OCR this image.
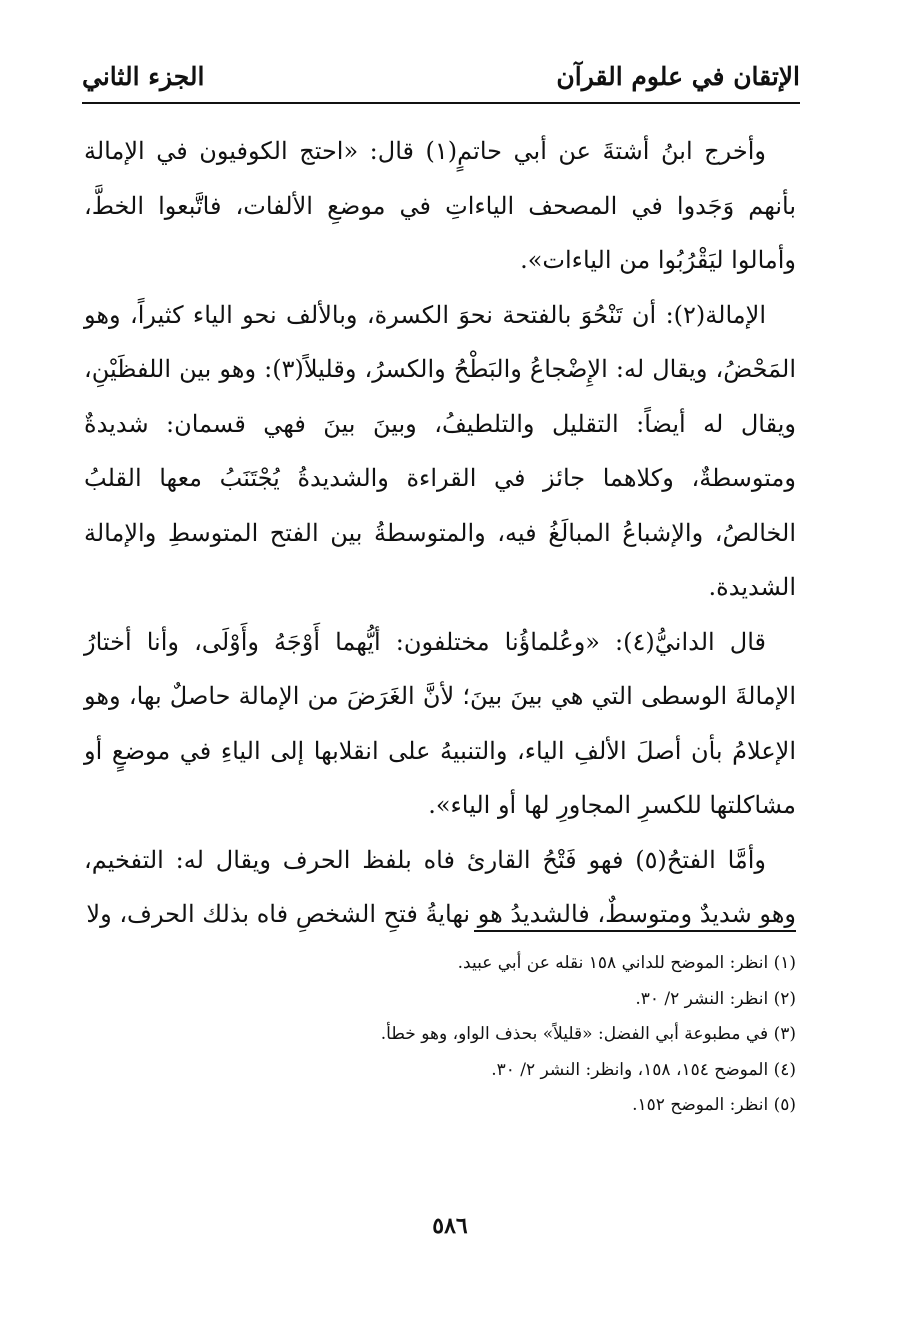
الإتقان في علوم القرآن
الجزء الثاني

وأخرج ابنُ أشتةَ عن أبي حاتمٍ(١) قال: «احتج الكوفيون في الإمالة بأنهم وَجَدوا في المصحف الياءاتِ في موضعِ الألفات، فاتَّبعوا الخطَّ، وأمالوا ليَقْرُبُوا من الياءات».

الإمالة(٢): أن تَنْحُوَ بالفتحة نحوَ الكسرة، وبالألف نحو الياء كثيراً، وهو المَحْضُ، ويقال له: الإِضْجاعُ والبَطْحُ والكسرُ، وقليلاً(٣): وهو بين اللفظَيْنِ، ويقال له أيضاً: التقليل والتلطيفُ، وبينَ بينَ فهي قسمان: شديدةٌ ومتوسطةٌ، وكلاهما جائز في القراءة والشديدةُ يُجْتَنَبُ معها القلبُ الخالصُ، والإشباعُ المبالَغُ فيه، والمتوسطةُ بين الفتح المتوسطِ والإمالة الشديدة.

قال الدانيُّ(٤): «وعُلماؤُنا مختلفون: أيُّهما أَوْجَهُ وأَوْلَى، وأنا أختارُ الإمالةَ الوسطى التي هي بينَ بينَ؛ لأنَّ الغَرَضَ من الإمالة حاصلٌ بها، وهو الإعلامُ بأن أصلَ الألفِ الياء، والتنبيهُ على انقلابها إلى الياءِ في موضعٍ أو مشاكلتها للكسرِ المجاورِ لها أو الياء».

وأمَّا الفتحُ(٥) فهو فَتْحُ القارئ فاه بلفظ الحرف ويقال له: التفخيم، وهو شديدٌ ومتوسطٌ، فالشديدُ هو نهايةُ فتحِ الشخصِ فاه بذلك الحرف، ولا

(١) انظر: الموضح للداني ١٥٨ نقله عن أبي عبيد.
(٢) انظر: النشر ٢/ ٣٠.
(٣) في مطبوعة أبي الفضل: «قليلاً» بحذف الواو، وهو خطأ.
(٤) الموضح ١٥٤، ١٥٨، وانظر: النشر ٢/ ٣٠.
(٥) انظر: الموضح ١٥٢.
٥٨٦
